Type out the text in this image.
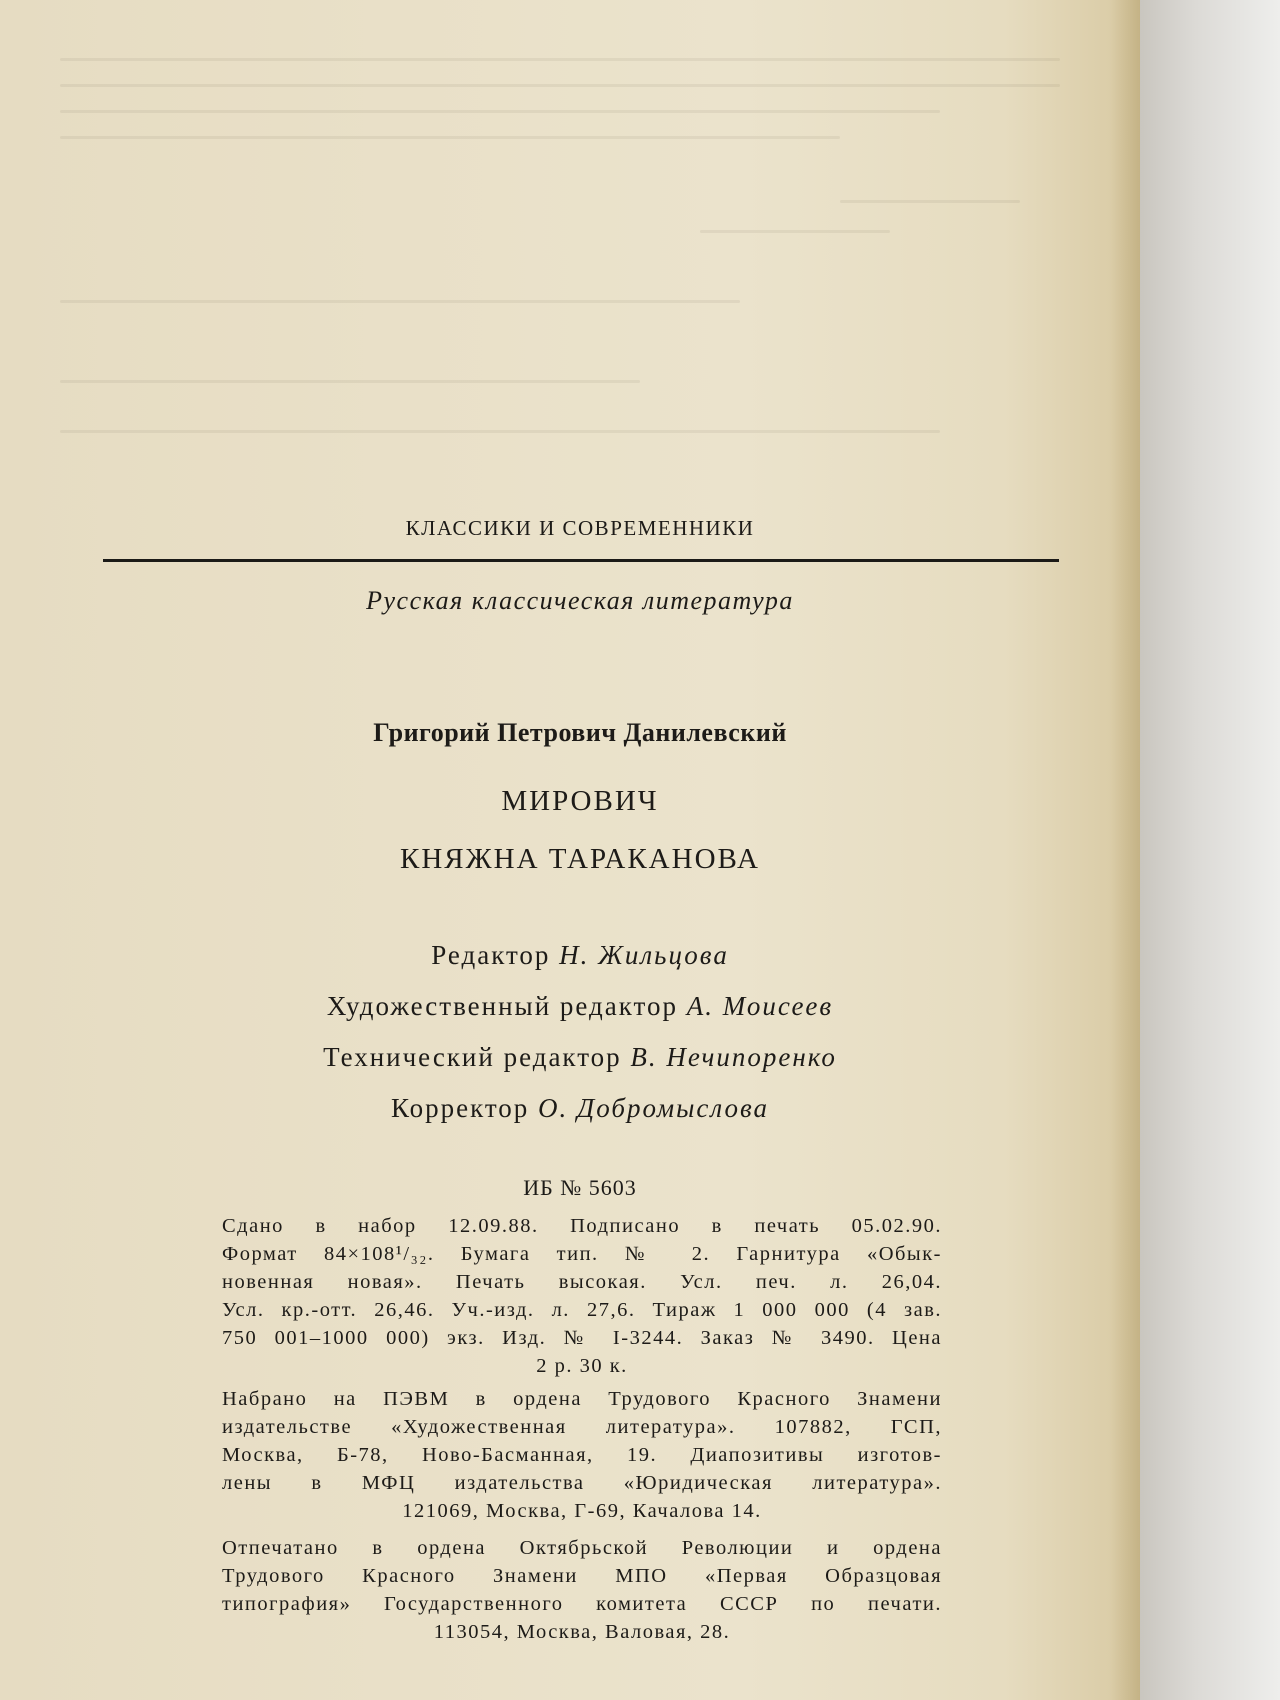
КЛАССИКИ И СОВРЕМЕННИКИ
Русская классическая литература
Григорий Петрович Данилевский
МИРОВИЧ
КНЯЖНА ТАРАКАНОВА
Редактор Н. Жильцова
Художественный редактор А. Моисеев
Технический редактор В. Нечипоренко
Корректор О. Добромыслова
ИБ № 5603
Сдано в набор 12.09.88. Подписано в печать 05.02.90.
Формат 84×108¹/₃₂. Бумага тип. № 2. Гарнитура «Обык-
новенная новая». Печать высокая. Усл. печ. л. 26,04.
Усл. кр.-отт. 26,46. Уч.-изд. л. 27,6. Тираж 1 000 000 (4 зав.
750 001–1000 000) экз. Изд. № I-3244. Заказ № 3490. Цена
2 р. 30 к.
Набрано на ПЭВМ в ордена Трудового Красного Знамени
издательстве «Художественная литература». 107882, ГСП,
Москва, Б-78, Ново-Басманная, 19. Диапозитивы изготов-
лены в МФЦ издательства «Юридическая литература».
121069, Москва, Г-69, Качалова 14.
Отпечатано в ордена Октябрьской Революции и ордена
Трудового Красного Знамени МПО «Первая Образцовая
типография» Государственного комитета СССР по печати.
113054, Москва, Валовая, 28.
